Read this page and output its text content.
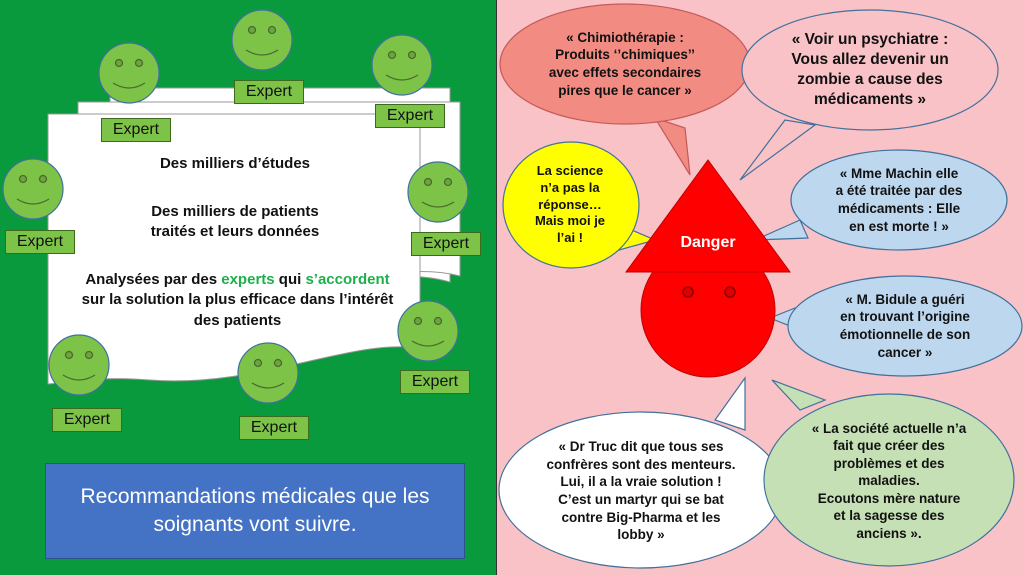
Des milliers d’études
Des milliers de patients
traités et leurs données
Analysées par des experts qui s’accordent
sur la solution la plus efficace dans l’intérêt
des patients
Expert
Expert
Expert
Expert	Expert
Expert
Expert	Expert
Recommandations médicales que les
soignants vont suivre.
« Chimiothérapie :
Produits ‘’chimiques’’
avec effets secondaires
pires que le cancer »
« Voir un psychiatre :
Vous allez devenir un
zombie a cause des
médicaments »
La science
n’a pas la
réponse…
Mais moi je
l’ai !
« Mme Machin elle
a été traitée par des
médicaments : Elle
en est morte ! »
« M. Bidule a guéri
en trouvant l’origine
émotionnelle de son
cancer »
« Dr Truc dit que tous ses
confrères sont des menteurs.
Lui, il a la vraie solution !
C’est un martyr qui se bat
contre Big-Pharma et les
lobby »
« La société actuelle n’a
fait que créer des
problèmes et des
maladies.
Ecoutons mère nature
et la sagesse des
anciens ».
Danger
